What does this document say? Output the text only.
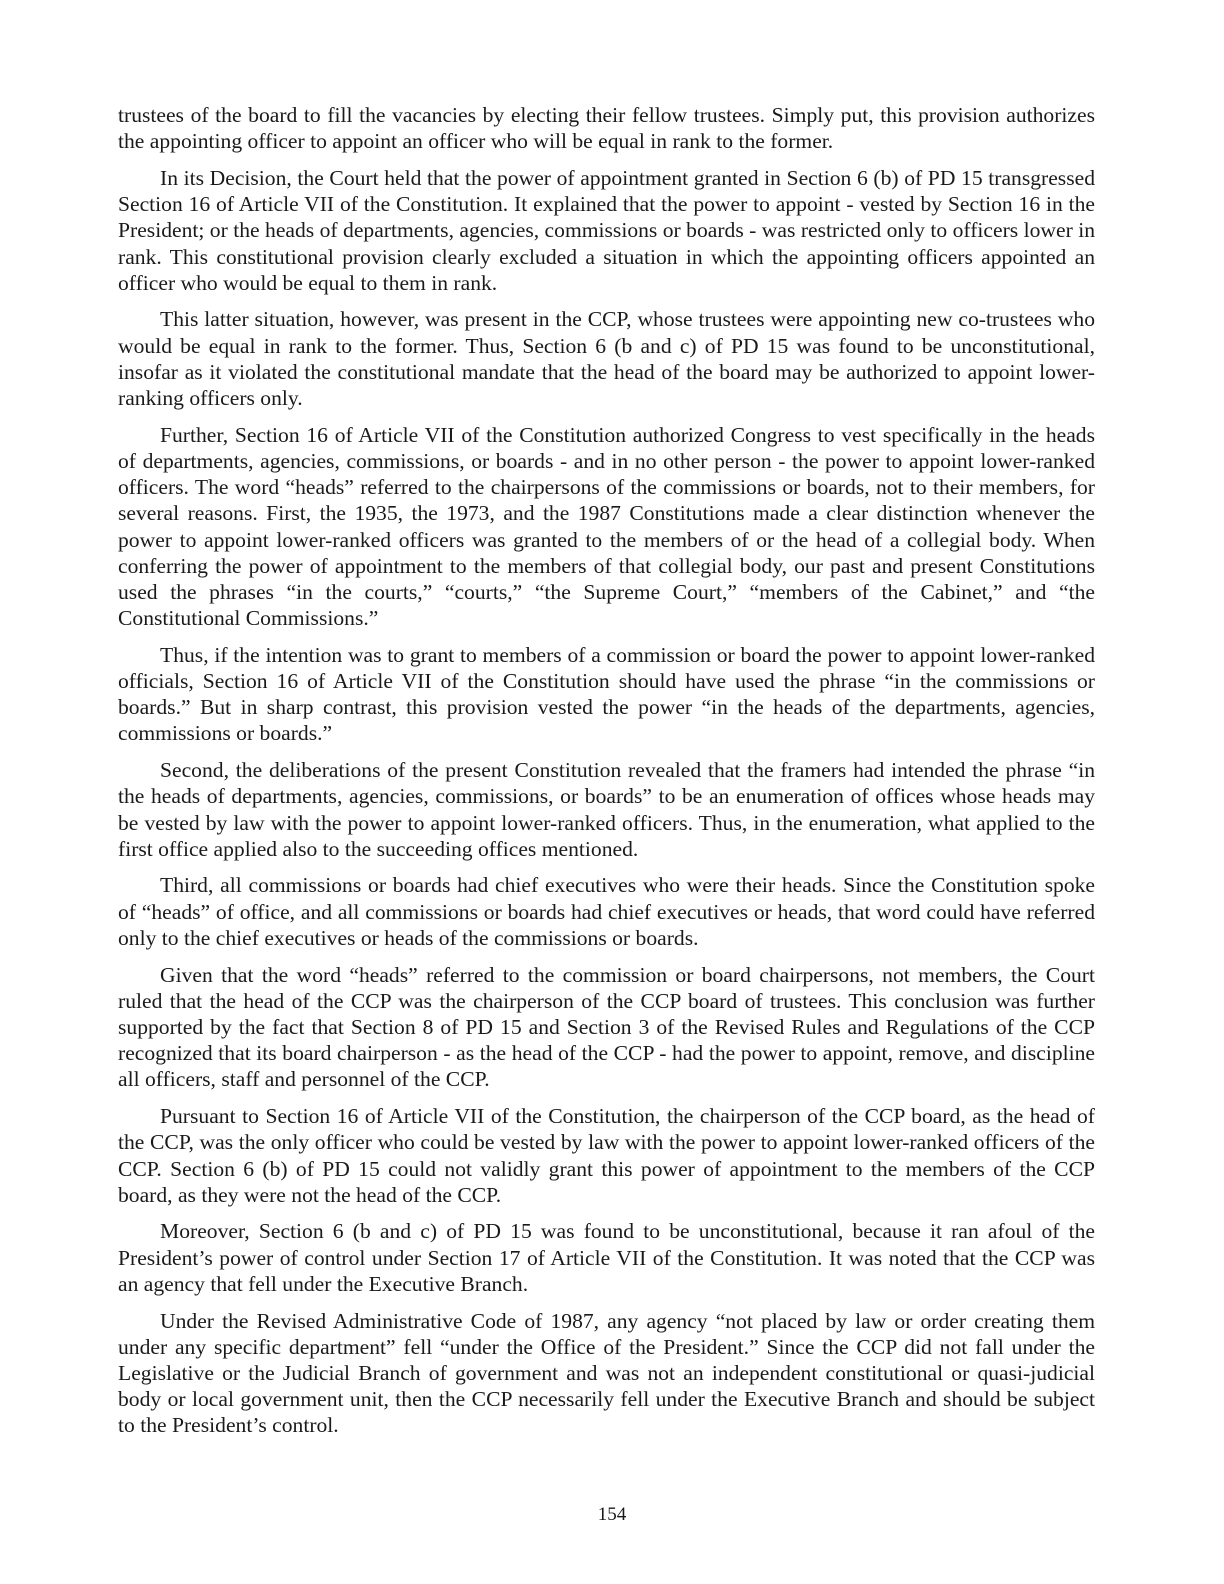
trustees of the board to fill the vacancies by electing their fellow trustees. Simply put, this provision authorizes the appointing officer to appoint an officer who will be equal in rank to the former.

In its Decision, the Court held that the power of appointment granted in Section 6 (b) of PD 15 transgressed Section 16 of Article VII of the Constitution. It explained that the power to appoint - vested by Section 16 in the President; or the heads of departments, agencies, commissions or boards - was restricted only to officers lower in rank. This constitutional provision clearly excluded a situation in which the appointing officers appointed an officer who would be equal to them in rank.

This latter situation, however, was present in the CCP, whose trustees were appointing new co-trustees who would be equal in rank to the former. Thus, Section 6 (b and c) of PD 15 was found to be unconstitutional, insofar as it violated the constitutional mandate that the head of the board may be authorized to appoint lower-ranking officers only.

Further, Section 16 of Article VII of the Constitution authorized Congress to vest specifically in the heads of departments, agencies, commissions, or boards - and in no other person - the power to appoint lower-ranked officers. The word “heads” referred to the chairpersons of the commissions or boards, not to their members, for several reasons. First, the 1935, the 1973, and the 1987 Constitutions made a clear distinction whenever the power to appoint lower-ranked officers was granted to the members of or the head of a collegial body. When conferring the power of appointment to the members of that collegial body, our past and present Constitutions used the phrases “in the courts,” “courts,” “the Supreme Court,” “members of the Cabinet,” and “the Constitutional Commissions.”

Thus, if the intention was to grant to members of a commission or board the power to appoint lower-ranked officials, Section 16 of Article VII of the Constitution should have used the phrase “in the commissions or boards.” But in sharp contrast, this provision vested the power “in the heads of the departments, agencies, commissions or boards.”

Second, the deliberations of the present Constitution revealed that the framers had intended the phrase “in the heads of departments, agencies, commissions, or boards” to be an enumeration of offices whose heads may be vested by law with the power to appoint lower-ranked officers. Thus, in the enumeration, what applied to the first office applied also to the succeeding offices mentioned.

Third, all commissions or boards had chief executives who were their heads. Since the Constitution spoke of “heads” of office, and all commissions or boards had chief executives or heads, that word could have referred only to the chief executives or heads of the commissions or boards.

Given that the word “heads” referred to the commission or board chairpersons, not members, the Court ruled that the head of the CCP was the chairperson of the CCP board of trustees. This conclusion was further supported by the fact that Section 8 of PD 15 and Section 3 of the Revised Rules and Regulations of the CCP recognized that its board chairperson - as the head of the CCP - had the power to appoint, remove, and discipline all officers, staff and personnel of the CCP.

Pursuant to Section 16 of Article VII of the Constitution, the chairperson of the CCP board, as the head of the CCP, was the only officer who could be vested by law with the power to appoint lower-ranked officers of the CCP. Section 6 (b) of PD 15 could not validly grant this power of appointment to the members of the CCP board, as they were not the head of the CCP.

Moreover, Section 6 (b and c) of PD 15 was found to be unconstitutional, because it ran afoul of the President’s power of control under Section 17 of Article VII of the Constitution. It was noted that the CCP was an agency that fell under the Executive Branch.

Under the Revised Administrative Code of 1987, any agency “not placed by law or order creating them under any specific department” fell “under the Office of the President.” Since the CCP did not fall under the Legislative or the Judicial Branch of government and was not an independent constitutional or quasi-judicial body or local government unit, then the CCP necessarily fell under the Executive Branch and should be subject to the President’s control.

154
